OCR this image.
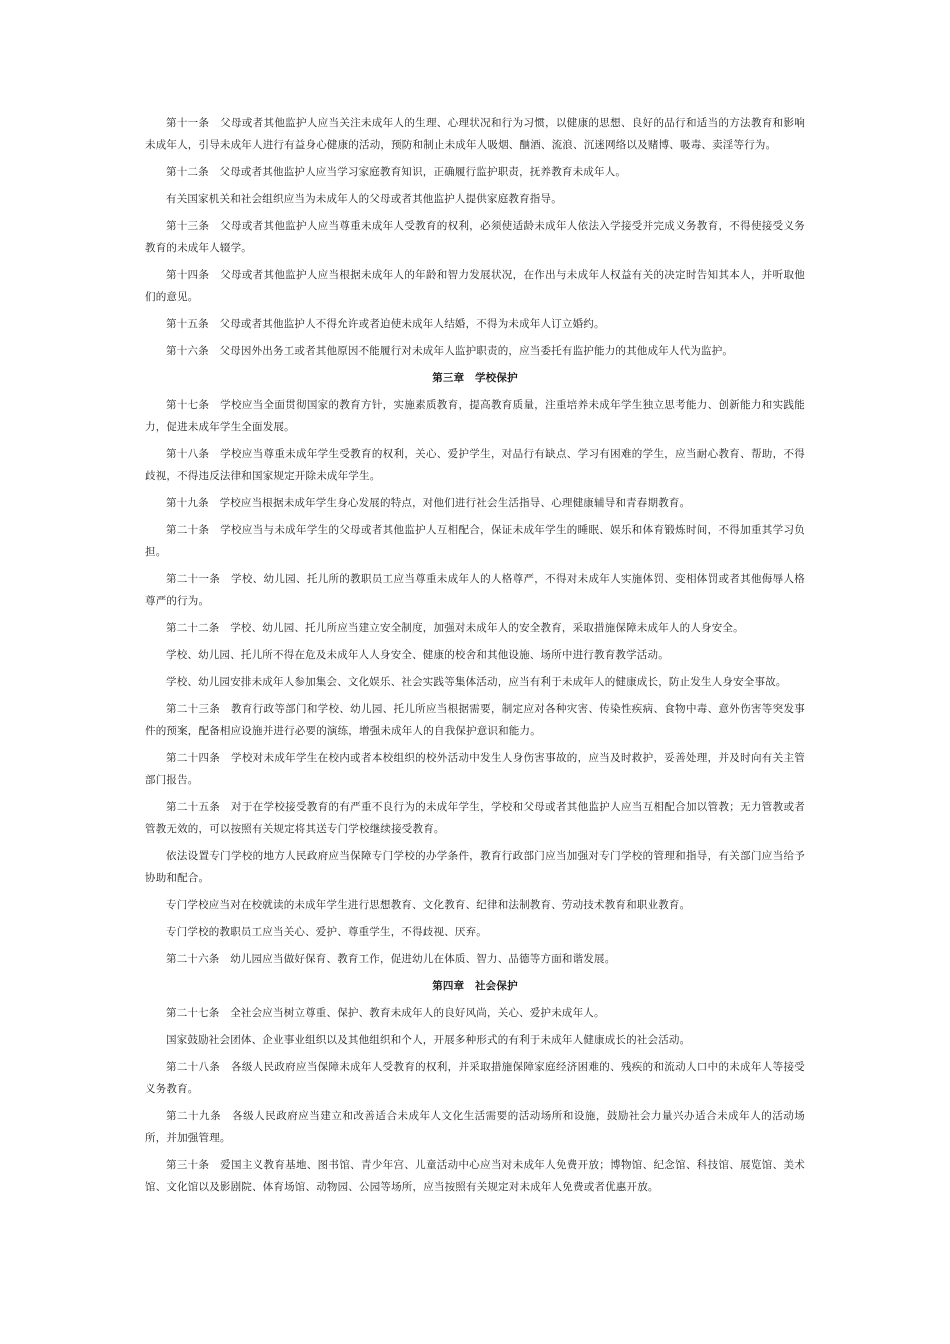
第十一条　父母或者其他监护人应当关注未成年人的生理、心理状况和行为习惯，以健康的思想、良好的品行和适当的方法教育和影响未成年人，引导未成年人进行有益身心健康的活动，预防和制止未成年人吸烟、酗酒、流浪、沉迷网络以及赌博、吸毒、卖淫等行为。

第十二条　父母或者其他监护人应当学习家庭教育知识，正确履行监护职责，抚养教育未成年人。

有关国家机关和社会组织应当为未成年人的父母或者其他监护人提供家庭教育指导。

第十三条　父母或者其他监护人应当尊重未成年人受教育的权利，必须使适龄未成年人依法入学接受并完成义务教育，不得使接受义务教育的未成年人辍学。

第十四条　父母或者其他监护人应当根据未成年人的年龄和智力发展状况，在作出与未成年人权益有关的决定时告知其本人，并听取他们的意见。

第十五条　父母或者其他监护人不得允许或者迫使未成年人结婚，不得为未成年人订立婚约。

第十六条　父母因外出务工或者其他原因不能履行对未成年人监护职责的，应当委托有监护能力的其他成年人代为监护。

第三章　学校保护

第十七条　学校应当全面贯彻国家的教育方针，实施素质教育，提高教育质量，注重培养未成年学生独立思考能力、创新能力和实践能力，促进未成年学生全面发展。

第十八条　学校应当尊重未成年学生受教育的权利，关心、爱护学生，对品行有缺点、学习有困难的学生，应当耐心教育、帮助，不得歧视，不得违反法律和国家规定开除未成年学生。

第十九条　学校应当根据未成年学生身心发展的特点，对他们进行社会生活指导、心理健康辅导和青春期教育。

第二十条　学校应当与未成年学生的父母或者其他监护人互相配合，保证未成年学生的睡眠、娱乐和体育锻炼时间，不得加重其学习负担。

第二十一条　学校、幼儿园、托儿所的教职员工应当尊重未成年人的人格尊严，不得对未成年人实施体罚、变相体罚或者其他侮辱人格尊严的行为。

第二十二条　学校、幼儿园、托儿所应当建立安全制度，加强对未成年人的安全教育，采取措施保障未成年人的人身安全。

学校、幼儿园、托儿所不得在危及未成年人人身安全、健康的校舍和其他设施、场所中进行教育教学活动。

学校、幼儿园安排未成年人参加集会、文化娱乐、社会实践等集体活动，应当有利于未成年人的健康成长，防止发生人身安全事故。

第二十三条　教育行政等部门和学校、幼儿园、托儿所应当根据需要，制定应对各种灾害、传染性疾病、食物中毒、意外伤害等突发事件的预案，配备相应设施并进行必要的演练，增强未成年人的自我保护意识和能力。

第二十四条　学校对未成年学生在校内或者本校组织的校外活动中发生人身伤害事故的，应当及时救护，妥善处理，并及时向有关主管部门报告。

第二十五条　对于在学校接受教育的有严重不良行为的未成年学生，学校和父母或者其他监护人应当互相配合加以管教；无力管教或者管教无效的，可以按照有关规定将其送专门学校继续接受教育。

依法设置专门学校的地方人民政府应当保障专门学校的办学条件，教育行政部门应当加强对专门学校的管理和指导，有关部门应当给予协助和配合。

专门学校应当对在校就读的未成年学生进行思想教育、文化教育、纪律和法制教育、劳动技术教育和职业教育。

专门学校的教职员工应当关心、爱护、尊重学生，不得歧视、厌弃。

第二十六条　幼儿园应当做好保育、教育工作，促进幼儿在体质、智力、品德等方面和谐发展。

第四章　社会保护

第二十七条　全社会应当树立尊重、保护、教育未成年人的良好风尚，关心、爱护未成年人。

国家鼓励社会团体、企业事业组织以及其他组织和个人，开展多种形式的有利于未成年人健康成长的社会活动。

第二十八条　各级人民政府应当保障未成年人受教育的权利，并采取措施保障家庭经济困难的、残疾的和流动人口中的未成年人等接受义务教育。

第二十九条　各级人民政府应当建立和改善适合未成年人文化生活需要的活动场所和设施，鼓励社会力量兴办适合未成年人的活动场所，并加强管理。

第三十条　爱国主义教育基地、图书馆、青少年宫、儿童活动中心应当对未成年人免费开放；博物馆、纪念馆、科技馆、展览馆、美术馆、文化馆以及影剧院、体育场馆、动物园、公园等场所，应当按照有关规定对未成年人免费或者优惠开放。
